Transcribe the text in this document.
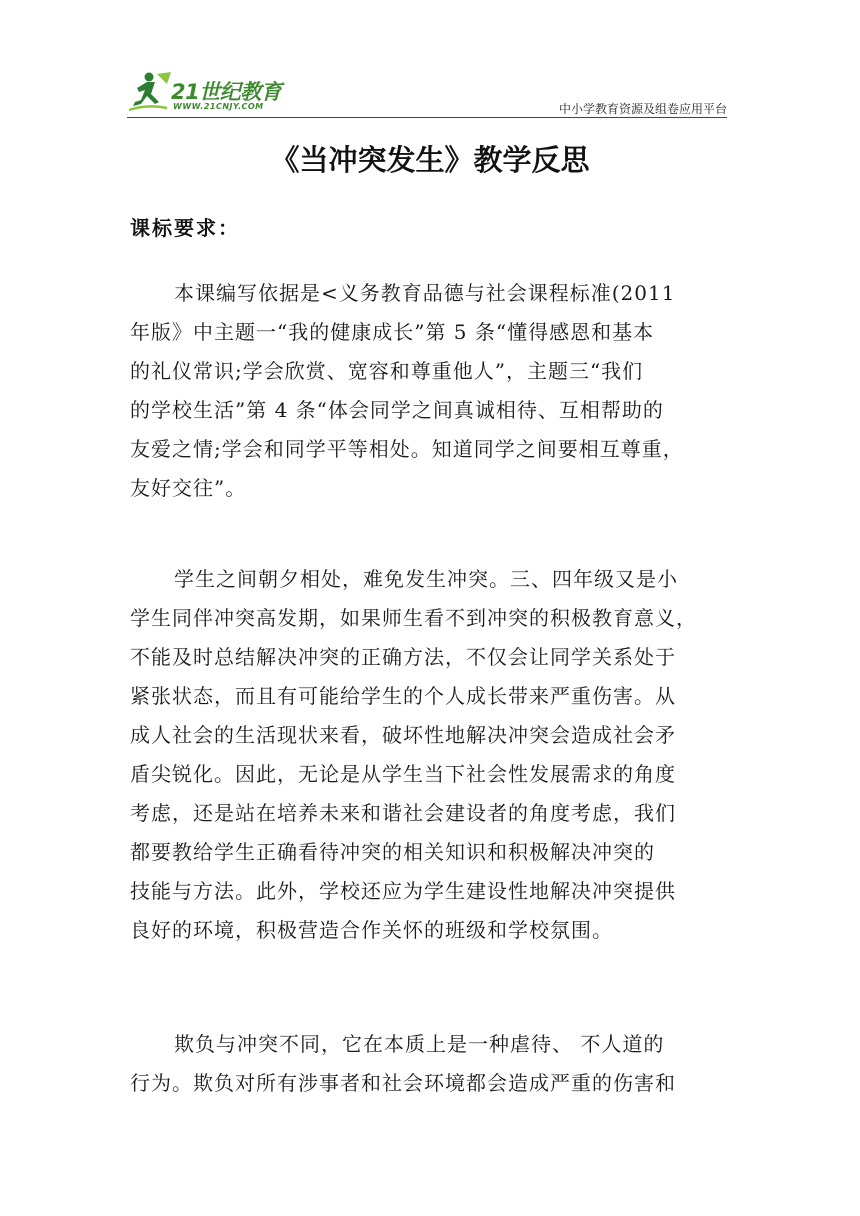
21世纪教育
WWW.21CNJY.COM	中小学教育资源及组卷应用平台
《当冲突发生》教学反思
课标要求：

本课编写依据是<义务教育品德与社会课程标准(2011
年版》中主题一“我的健康成长”第 5 条“懂得感恩和基本
的礼仪常识;学会欣赏、宽容和尊重他人”，主题三“我们
的学校生活”第 4 条“体会同学之间真诚相待、互相帮助的
友爱之情;学会和同学平等相处。知道同学之间要相互尊重，
友好交往”。

学生之间朝夕相处，难免发生冲突。三、四年级又是小
学生同伴冲突高发期，如果师生看不到冲突的积极教育意义，
不能及时总结解决冲突的正确方法，不仅会让同学关系处于
紧张状态，而且有可能给学生的个人成长带来严重伤害。从
成人社会的生活现状来看，破坏性地解决冲突会造成社会矛
盾尖锐化。因此，无论是从学生当下社会性发展需求的角度
考虑，还是站在培养未来和谐社会建设者的角度考虑，我们
都要教给学生正确看待冲突的相关知识和积极解决冲突的
技能与方法。此外，学校还应为学生建设性地解决冲突提供
良好的环境，积极营造合作关怀的班级和学校氛围。

欺负与冲突不同，它在本质上是一种虐待、 不人道的
行为。欺负对所有涉事者和社会环境都会造成严重的伤害和
